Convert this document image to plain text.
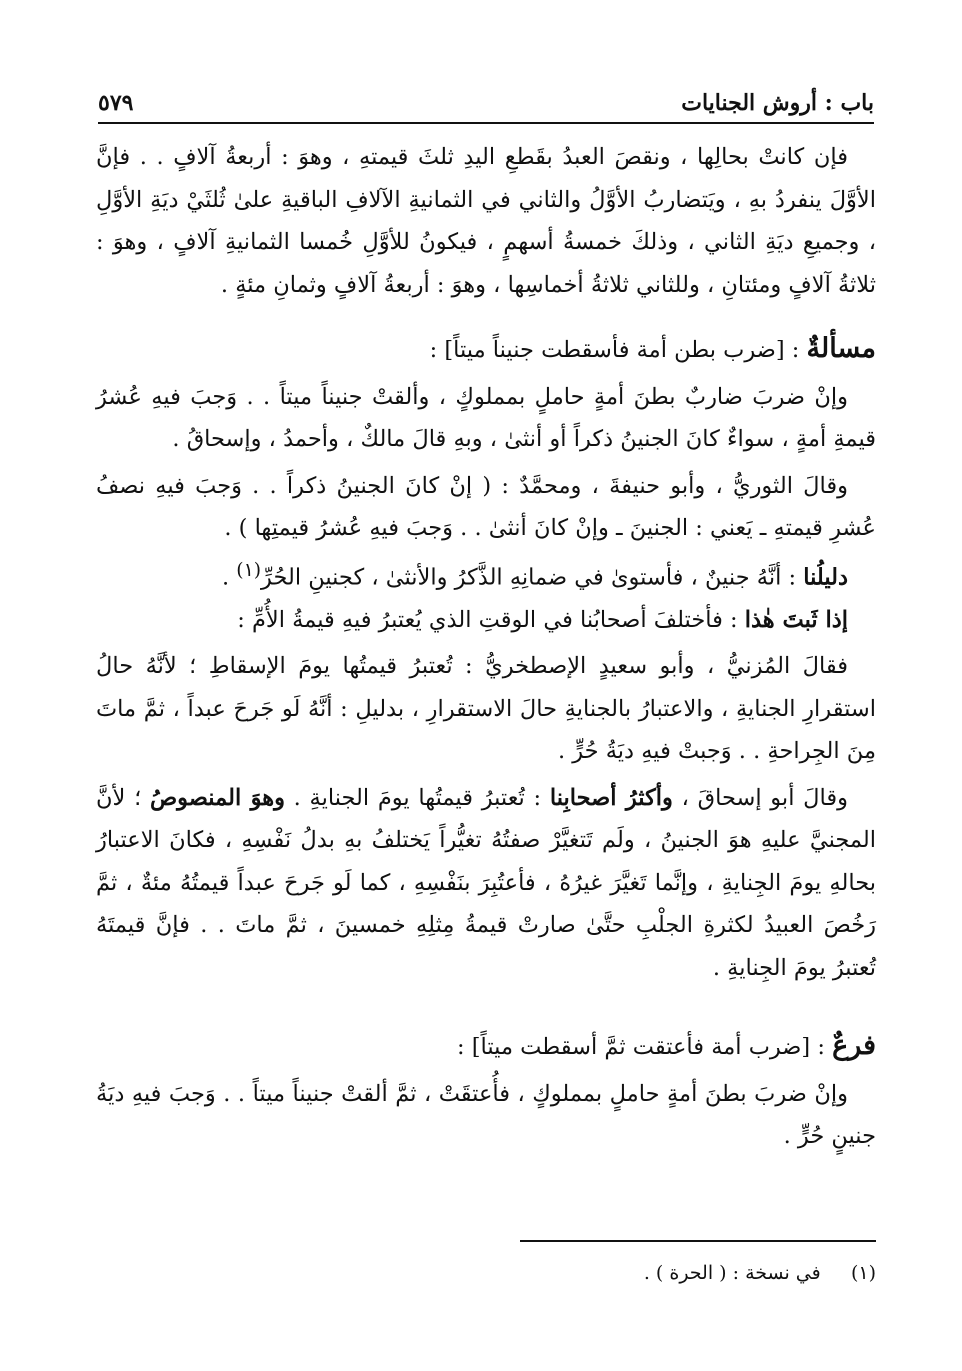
باب : أروش الجنايات
٥٧٩

فإن كانتْ بحالِها ، ونقصَ العبدُ بقَطعِ اليدِ ثلثَ قيمتهِ ، وهوَ : أربعةُ آلافٍ . . فإنَّ الأوَّلَ ينفردُ بهِ ، ويَتضاربُ الأوَّلُ والثاني في الثمانيةِ الآلافِ الباقيةِ علىٰ ثُلثَيْ ديَةِ الأوَّلِ ، وجميعِ ديَةِ الثاني ، وذلكَ خمسةُ أسهمٍ ، فيكونُ للأوَّلِ خُمسا الثمانيةِ آلافٍ ، وهوَ : ثلاثةُ آلافٍ ومئتانِ ، وللثاني ثلاثةُ أخماسِها ، وهوَ : أربعةُ آلافٍ وثمانِ مئةٍ .

مسألةٌ : [ضرب بطن أمة فأسقطت جنيناً ميتاً] :

وإنْ ضربَ ضاربٌ بطنَ أمةٍ حاملٍ بمملوكٍ ، وألقتْ جنيناً ميتاً . . وَجبَ فيهِ عُشرُ قيمةِ أمةٍ ، سواءٌ كانَ الجنينُ ذكراً أو أنثىٰ ، وبهِ قالَ مالكٌ ، وأحمدُ ، وإسحاقُ .

وقالَ الثوريُّ ، وأبو حنيفةَ ، ومحمَّدٌ : ( إنْ كانَ الجنينُ ذكراً . . وَجبَ فيهِ نصفُ عُشرِ قيمتهِ ـ يَعني : الجنينَ ـ وإنْ كانَ أنثىٰ . . وَجبَ فيهِ عُشرُ قيمتِها ) .

دليلُنا : أنَّهُ جنينٌ ، فأستوىٰ في ضمانِهِ الذَّكرُ والأنثىٰ ، كجنينِ الحُرِّ$^{(١)}$ .

إذا ثَبتَ هٰذا : فأختلفَ أصحابُنا في الوقتِ الذي يُعتبرُ فيهِ قيمةُ الأُمِّ :

فقالَ المُزنيُّ ، وأبو سعيدٍ الإصطخريُّ : تُعتبرُ قيمتُها يومَ الإسقاطِ ؛ لأنَّهُ حالُ استقرارِ الجنايةِ ، والاعتبارُ بالجنايةِ حالَ الاستقرارِ ، بدليلِ : أنَّهُ لَو جَرحَ عبداً ، ثمَّ ماتَ مِنَ الجِراحةِ . . وَجبتْ فيهِ ديَةُ حُرٍّ .

وقالَ أبو إسحاقَ ، وأكثرُ أصحابِنا : تُعتبرُ قيمتُها يومَ الجنايةِ . وهوَ المنصوصُ ؛ لأنَّ المجنيَّ عليهِ هوَ الجنينُ ، ولَم تَتغيَّرْ صفتُهُ تغيُّراً يَختلفُ بهِ بدلُ نَفْسِهِ ، فكانَ الاعتبارُ بحالهِ يومَ الجِنايةِ ، وإنَّما تَغيَّرَ غيرُهُ ، فأعتُبِرَ بنَفْسِهِ ، كما لَو جَرحَ عبداً قيمتُهُ مئةٌ ، ثمَّ رَخُصَ العبيدُ لكثرةِ الجلْبِ حتَّىٰ صارتْ قيمةُ مِثلِهِ خمسينَ ، ثمَّ ماتَ . . فإنَّ قيمتَهُ تُعتبرُ يومَ الجِنايةِ .

فرعٌ : [ضرب أمة فأعتقت ثمَّ أسقطت ميتاً] :

وإنْ ضربَ بطنَ أمةٍ حاملٍ بمملوكٍ ، فأُعتقَتْ ، ثمَّ ألقتْ جنيناً ميتاً . . وَجبَ فيهِ ديَةُ جنينٍ حُرٍّ .

(١)     في نسخة : ( الحرة ) .
